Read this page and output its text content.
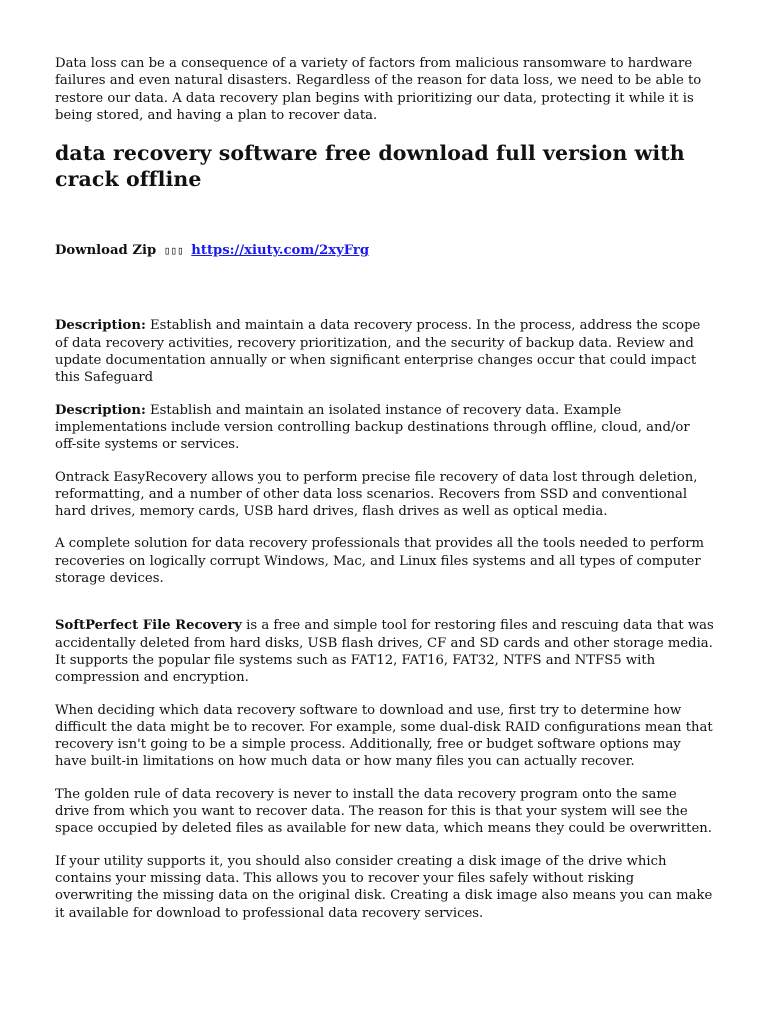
Data loss can be a consequence of a variety of factors from malicious ransomware to hardware failures and even natural disasters. Regardless of the reason for data loss, we need to be able to restore our data. A data recovery plan begins with prioritizing our data, protecting it while it is being stored, and having a plan to recover data.

data recovery software free download full version with crack offline
Download Zip ▯▯▯ https://xiuty.com/2xyFrg

Description: Establish and maintain a data recovery process. In the process, address the scope of data recovery activities, recovery prioritization, and the security of backup data. Review and update documentation annually or when significant enterprise changes occur that could impact this Safeguard

Description: Establish and maintain an isolated instance of recovery data. Example implementations include version controlling backup destinations through offline, cloud, and/or off-site systems or services.

Ontrack EasyRecovery allows you to perform precise file recovery of data lost through deletion, reformatting, and a number of other data loss scenarios. Recovers from SSD and conventional hard drives, memory cards, USB hard drives, flash drives as well as optical media.

A complete solution for data recovery professionals that provides all the tools needed to perform recoveries on logically corrupt Windows, Mac, and Linux files systems and all types of computer storage devices.

SoftPerfect File Recovery is a free and simple tool for restoring files and rescuing data that was accidentally deleted from hard disks, USB flash drives, CF and SD cards and other storage media. It supports the popular file systems such as FAT12, FAT16, FAT32, NTFS and NTFS5 with compression and encryption.

When deciding which data recovery software to download and use, first try to determine how difficult the data might be to recover. For example, some dual-disk RAID configurations mean that recovery isn't going to be a simple process. Additionally, free or budget software options may have built-in limitations on how much data or how many files you can actually recover.

The golden rule of data recovery is never to install the data recovery program onto the same drive from which you want to recover data. The reason for this is that your system will see the space occupied by deleted files as available for new data, which means they could be overwritten.

If your utility supports it, you should also consider creating a disk image of the drive which contains your missing data. This allows you to recover your files safely without risking overwriting the missing data on the original disk. Creating a disk image also means you can make it available for download to professional data recovery services.
